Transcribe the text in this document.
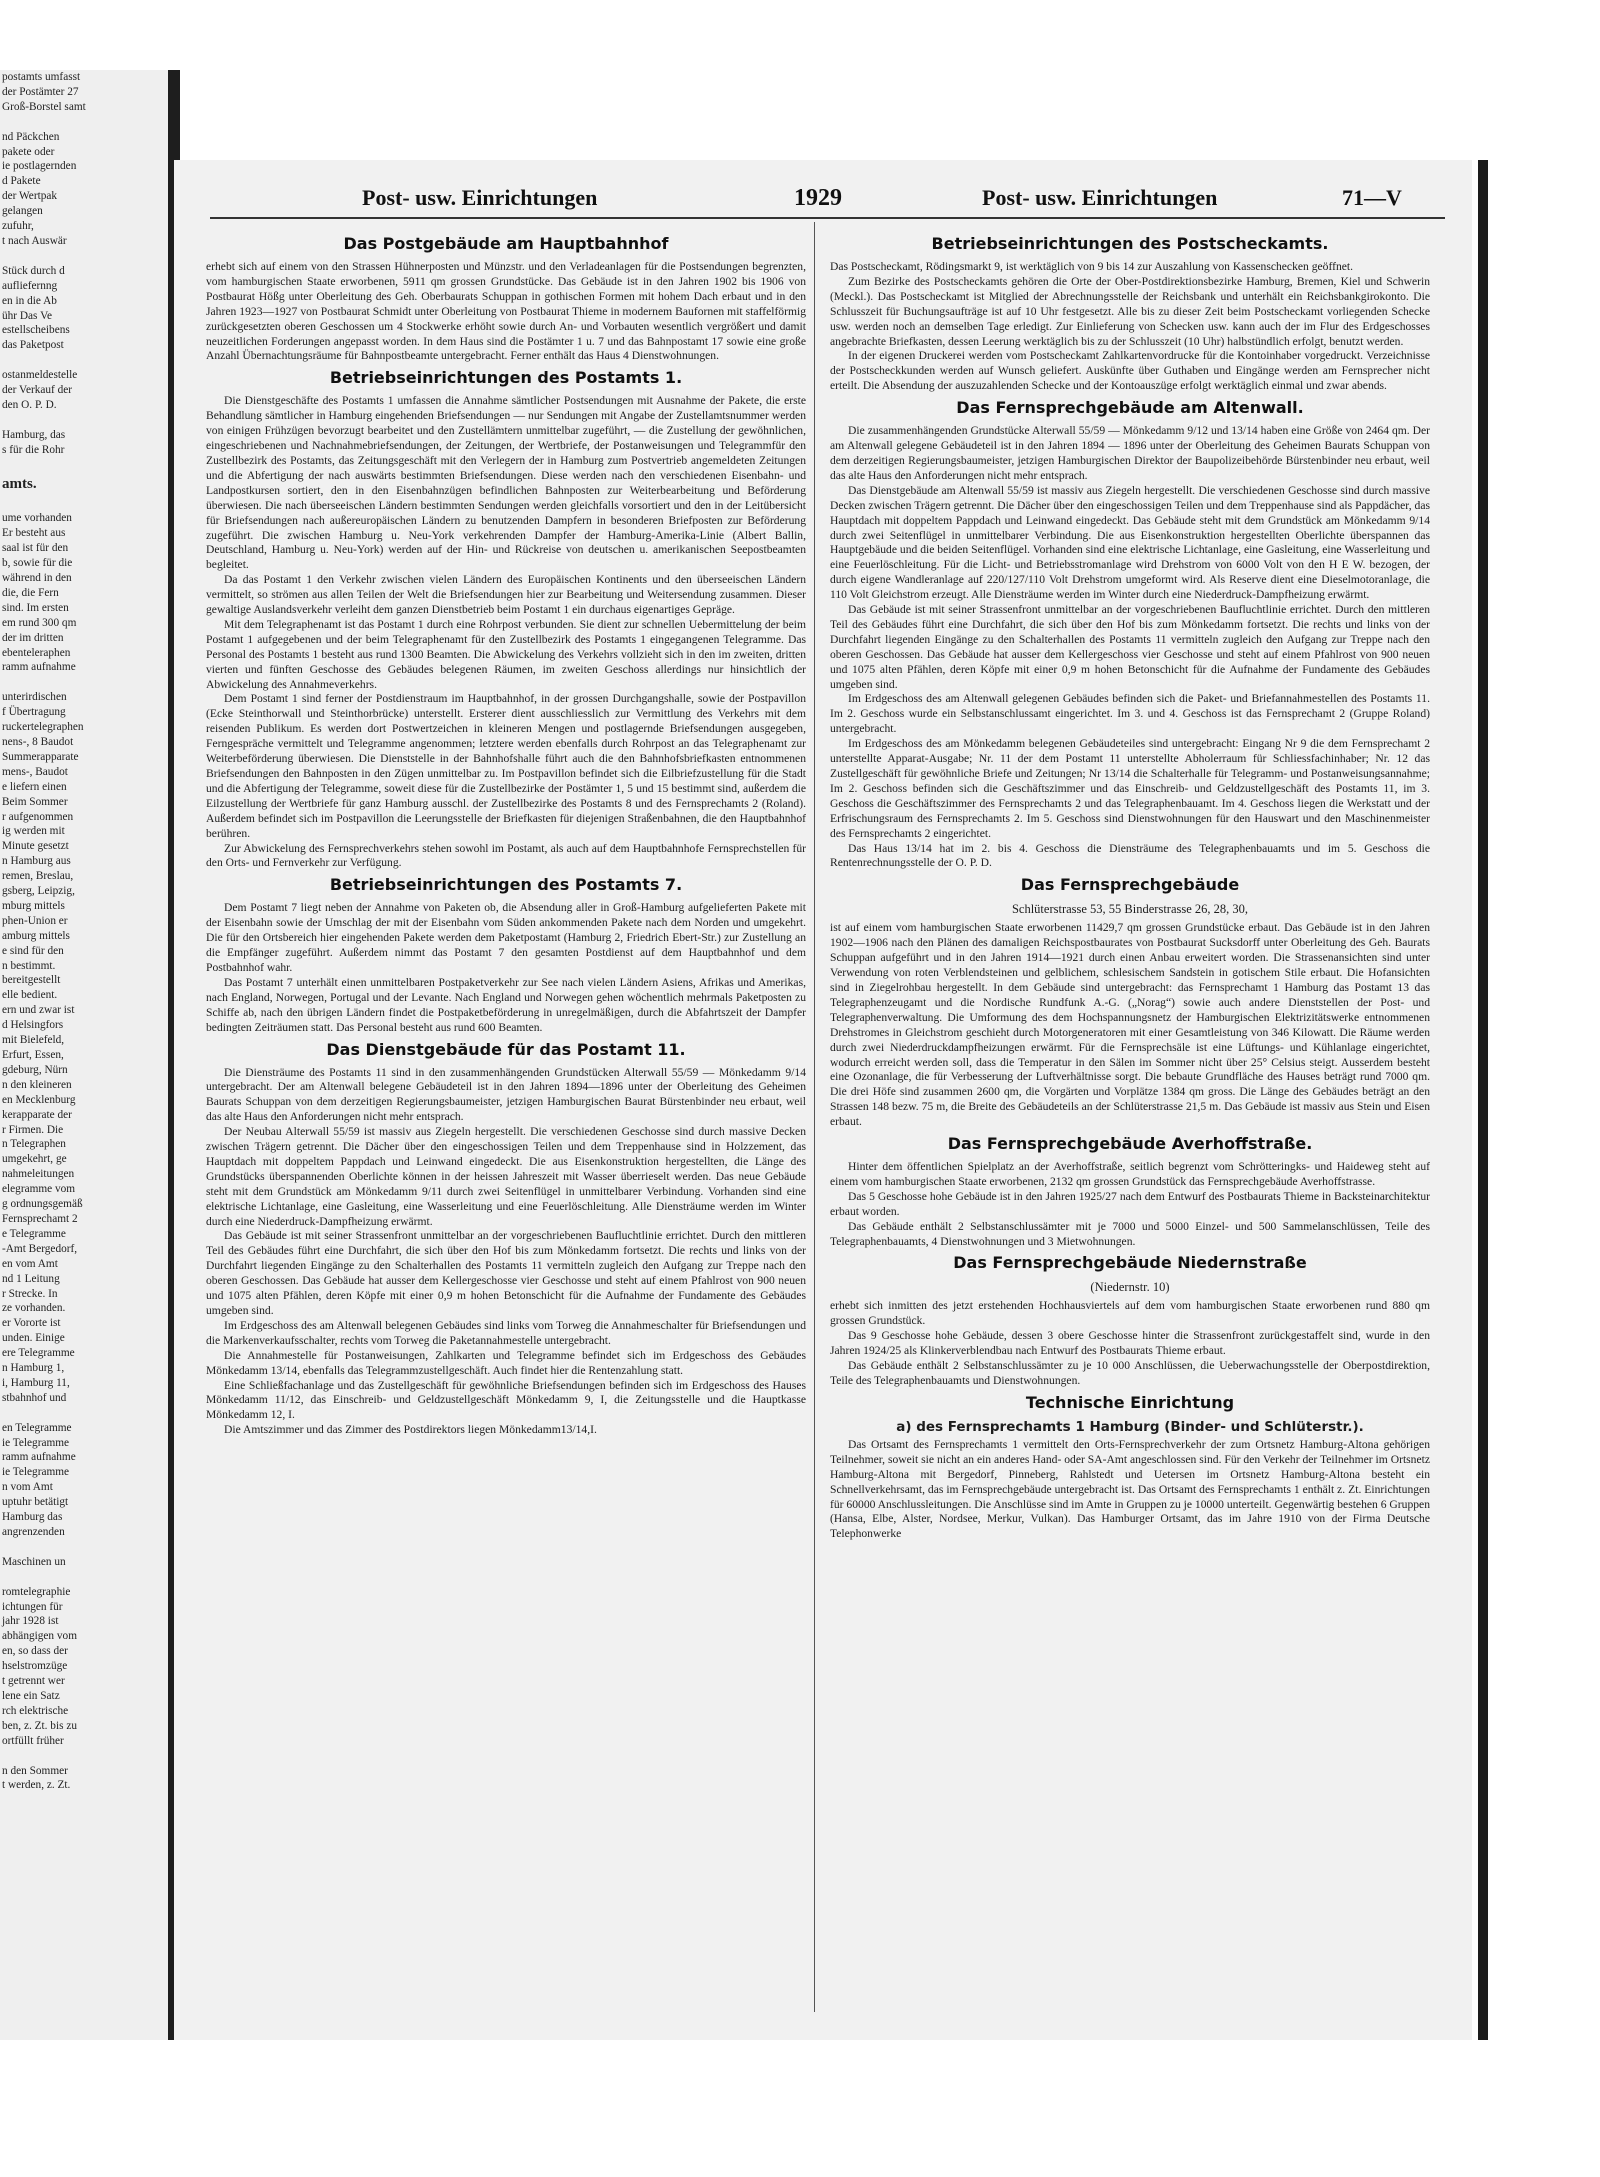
postamts umfasst
der Postämter 27
Groß-Borstel samt

nd Päckchen
pakete oder
ie postlagernden
d Pakete
der Wertpak
gelangen
zufuhr,
t nach Auswär

Stück durch d
aufliefernng
en in die Ab
ühr Das Ve
estellscheibens
das Paketpost

ostanmeldestelle
der Verkauf der
den O. P. D.

Hamburg, das
s für die Rohr

amts.

ume vorhanden
Er besteht aus
saal ist für den
b, sowie für die
während in den
die, die Fern
sind. Im ersten
em rund 300 qm
der im dritten
ebenteleraphen
ramm aufnahme

unterirdischen
f Übertragung
ruckertelegraphen
nens-, 8 Baudot
Summerapparate
mens-, Baudot
e liefern einen
Beim Sommer
r aufgenommen
ig werden mit
Minute gesetzt
n Hamburg aus
remen, Breslau,
gsberg, Leipzig,
mburg mittels
phen-Union er
amburg mittels
e sind für den
n bestimmt.
bereitgestellt
elle bedient.
ern und zwar ist
d Helsingfors
mit Bielefeld,
Erfurt, Essen,
gdeburg, Nürn
n den kleineren
en Mecklenburg
kerapparate der
r Firmen. Die
n Telegraphen
umgekehrt, ge
nahmeleitungen
elegramme vom
g ordnungsgemäß
Fernsprechamt 2
e Telegramme
-Amt Bergedorf,
en vom Amt
nd 1 Leitung
r Strecke. In
ze vorhanden.
er Vororte ist
unden. Einige
ere Telegramme
n Hamburg 1,
i, Hamburg 11,
stbahnhof und

en Telegramme
ie Telegramme
ramm aufnahme
ie Telegramme
n vom Amt
uptuhr betätigt
Hamburg das
angrenzenden

Maschinen un

romtelegraphie
ichtungen für
jahr 1928 ist
abhängigen vom
en, so dass der
hselstromzüge
t getrennt wer
lene ein Satz
rch elektrische
ben, z. Zt. bis zu
ortfüllt früher

n den Sommer
t werden, z. Zt.
Post- usw. Einrichtungen	1929	Post- usw. Einrichtungen	71—V
Das Postgebäude am Hauptbahnhof

erhebt sich auf einem von den Strassen Hühnerposten und Münzstr. und den Verladeanlagen für die Postsendungen begrenzten, vom hamburgischen Staate erworbenen, 5911 qm grossen Grundstücke. Das Gebäude ist in den Jahren 1902 bis 1906 von Postbaurat Hößg unter Oberleitung des Geh. Oberbaurats Schuppan in gothischen Formen mit hohem Dach erbaut und in den Jahren 1923—1927 von Postbaurat Schmidt unter Oberleitung von Postbaurat Thieme in modernem Baufornen mit staffelförmig zurückgesetzten oberen Geschossen um 4 Stockwerke erhöht sowie durch An- und Vorbauten wesentlich vergrößert und damit neuzeitlichen Forderungen angepasst worden. In dem Haus sind die Postämter 1 u. 7 und das Bahnpostamt 17 sowie eine große Anzahl Übernachtungsräume für Bahnpostbeamte untergebracht. Ferner enthält das Haus 4 Dienstwohnungen.

Betriebseinrichtungen des Postamts 1.

Die Dienstgeschäfte des Postamts 1 umfassen die Annahme sämtlicher Postsendungen mit Ausnahme der Pakete, die erste Behandlung sämtlicher in Hamburg eingehenden Briefsendungen — nur Sendungen mit Angabe der Zustellamtsnummer werden von einigen Frühzügen bevorzugt bearbeitet und den Zustellämtern unmittelbar zugeführt, — die Zustellung der gewöhnlichen, eingeschriebenen und Nachnahmebriefsendungen, der Zeitungen, der Wertbriefe, der Postanweisungen und Telegrammfür den Zustellbezirk des Postamts, das Zeitungsgeschäft mit den Verlegern der in Hamburg zum Postvertrieb angemeldeten Zeitungen und die Abfertigung der nach auswärts bestimmten Briefsendungen. Diese werden nach den verschiedenen Eisenbahn- und Landpostkursen sortiert, den in den Eisenbahnzügen befindlichen Bahnposten zur Weiterbearbeitung und Beförderung überwiesen. Die nach überseeischen Ländern bestimmten Sendungen werden gleichfalls vorsortiert und den in der Leitübersicht für Briefsendungen nach außereuropäischen Ländern zu benutzenden Dampfern in besonderen Briefposten zur Beförderung zugeführt. Die zwischen Hamburg u. Neu-York verkehrenden Dampfer der Hamburg-Amerika-Linie (Albert Ballin, Deutschland, Hamburg u. Neu-York) werden auf der Hin- und Rückreise von deutschen u. amerikanischen Seepostbeamten begleitet.

Da das Postamt 1 den Verkehr zwischen vielen Ländern des Europäischen Kontinents und den überseeischen Ländern vermittelt, so strömen aus allen Teilen der Welt die Briefsendungen hier zur Bearbeitung und Weitersendung zusammen. Dieser gewaltige Auslandsverkehr verleiht dem ganzen Dienstbetrieb beim Postamt 1 ein durchaus eigenartiges Gepräge.

Mit dem Telegraphenamt ist das Postamt 1 durch eine Rohrpost verbunden. Sie dient zur schnellen Uebermittelung der beim Postamt 1 aufgegebenen und der beim Telegraphenamt für den Zustellbezirk des Postamts 1 eingegangenen Telegramme. Das Personal des Postamts 1 besteht aus rund 1300 Beamten. Die Abwickelung des Verkehrs vollzieht sich in den im zweiten, dritten vierten und fünften Geschosse des Gebäudes belegenen Räumen, im zweiten Geschoss allerdings nur hinsichtlich der Abwickelung des Annahmeverkehrs.

Dem Postamt 1 sind ferner der Postdienstraum im Hauptbahnhof, in der grossen Durchgangshalle, sowie der Postpavillon (Ecke Steinthorwall und Steinthorbrücke) unterstellt. Ersterer dient ausschliesslich zur Vermittlung des Verkehrs mit dem reisenden Publikum. Es werden dort Postwertzeichen in kleineren Mengen und postlagernde Briefsendungen ausgegeben, Ferngespräche vermittelt und Telegramme angenommen; letztere werden ebenfalls durch Rohrpost an das Telegraphenamt zur Weiterbeförderung überwiesen. Die Dienststelle in der Bahnhofshalle führt auch die den Bahnhofsbriefkasten entnommenen Briefsendungen den Bahnposten in den Zügen unmittelbar zu. Im Postpavillon befindet sich die Eilbriefzustellung für die Stadt und die Abfertigung der Telegramme, soweit diese für die Zustellbezirke der Postämter 1, 5 und 15 bestimmt sind, außerdem die Eilzustellung der Wertbriefe für ganz Hamburg ausschl. der Zustellbezirke des Postamts 8 und des Fernsprechamts 2 (Roland). Außerdem befindet sich im Postpavillon die Leerungsstelle der Briefkasten für diejenigen Straßenbahnen, die den Hauptbahnhof berühren.

Zur Abwickelung des Fernsprechverkehrs stehen sowohl im Postamt, als auch auf dem Hauptbahnhofe Fernsprechstellen für den Orts- und Fernverkehr zur Verfügung.

Betriebseinrichtungen des Postamts 7.

Dem Postamt 7 liegt neben der Annahme von Paketen ob, die Absendung aller in Groß-Hamburg aufgelieferten Pakete mit der Eisenbahn sowie der Umschlag der mit der Eisenbahn vom Süden ankommenden Pakete nach dem Norden und umgekehrt. Die für den Ortsbereich hier eingehenden Pakete werden dem Paketpostamt (Hamburg 2, Friedrich Ebert-Str.) zur Zustellung an die Empfänger zugeführt. Außerdem nimmt das Postamt 7 den gesamten Postdienst auf dem Hauptbahnhof und dem Postbahnhof wahr.

Das Postamt 7 unterhält einen unmittelbaren Postpaketverkehr zur See nach vielen Ländern Asiens, Afrikas und Amerikas, nach England, Norwegen, Portugal und der Levante. Nach England und Norwegen gehen wöchentlich mehrmals Paketposten zu Schiffe ab, nach den übrigen Ländern findet die Postpaketbeförderung in unregelmäßigen, durch die Abfahrtszeit der Dampfer bedingten Zeiträumen statt. Das Personal besteht aus rund 600 Beamten.

Das Dienstgebäude für das Postamt 11.

Die Diensträume des Postamts 11 sind in den zusammenhängenden Grundstücken Alterwall 55/59 — Mönkedamm 9/14 untergebracht. Der am Altenwall belegene Gebäudeteil ist in den Jahren 1894—1896 unter der Oberleitung des Geheimen Baurats Schuppan von dem derzeitigen Regierungsbaumeister, jetzigen Hamburgischen Baurat Bürstenbinder neu erbaut, weil das alte Haus den Anforderungen nicht mehr entsprach.

Der Neubau Alterwall 55/59 ist massiv aus Ziegeln hergestellt. Die verschiedenen Geschosse sind durch massive Decken zwischen Trägern getrennt. Die Dächer über den eingeschossigen Teilen und dem Treppenhause sind in Holzzement, das Hauptdach mit doppeltem Pappdach und Leinwand eingedeckt. Die aus Eisenkonstruktion hergestellten, die Länge des Grundstücks überspannenden Oberlichte können in der heissen Jahreszeit mit Wasser überrieselt werden. Das neue Gebäude steht mit dem Grundstück am Mönkedamm 9/11 durch zwei Seitenflügel in unmittelbarer Verbindung. Vorhanden sind eine elektrische Lichtanlage, eine Gasleitung, eine Wasserleitung und eine Feuerlöschleitung. Alle Diensträume werden im Winter durch eine Niederdruck-Dampfheizung erwärmt.

Das Gebäude ist mit seiner Strassenfront unmittelbar an der vorgeschriebenen Baufluchtlinie errichtet. Durch den mittleren Teil des Gebäudes führt eine Durchfahrt, die sich über den Hof bis zum Mönkedamm fortsetzt. Die rechts und links von der Durchfahrt liegenden Eingänge zu den Schalterhallen des Postamts 11 vermitteln zugleich den Aufgang zur Treppe nach den oberen Geschossen. Das Gebäude hat ausser dem Kellergeschosse vier Geschosse und steht auf einem Pfahlrost von 900 neuen und 1075 alten Pfählen, deren Köpfe mit einer 0,9 m hohen Betonschicht für die Aufnahme der Fundamente des Gebäudes umgeben sind.

Im Erdgeschoss des am Altenwall belegenen Gebäudes sind links vom Torweg die Annahmeschalter für Briefsendungen und die Markenverkaufsschalter, rechts vom Torweg die Paketannahmestelle untergebracht.

Die Annahmestelle für Postanweisungen, Zahlkarten und Telegramme befindet sich im Erdgeschoss des Gebäudes Mönkedamm 13/14, ebenfalls das Telegrammzustellgeschäft. Auch findet hier die Rentenzahlung statt.

Eine Schließfachanlage und das Zustellgeschäft für gewöhnliche Briefsendungen befinden sich im Erdgeschoss des Hauses Mönkedamm 11/12, das Einschreib- und Geldzustellgeschäft Mönkedamm 9, I, die Zeitungsstelle und die Hauptkasse Mönkedamm 12, I.

Die Amtszimmer und das Zimmer des Postdirektors liegen Mönkedamm13/14,I.

Betriebseinrichtungen des Postscheckamts.

Das Postscheckamt, Rödingsmarkt 9, ist werktäglich von 9 bis 14 zur Auszahlung von Kassenschecken geöffnet.

Zum Bezirke des Postscheckamts gehören die Orte der Ober-Postdirektionsbezirke Hamburg, Bremen, Kiel und Schwerin (Meckl.). Das Postscheckamt ist Mitglied der Abrechnungsstelle der Reichsbank und unterhält ein Reichsbankgirokonto. Die Schlusszeit für Buchungsaufträge ist auf 10 Uhr festgesetzt. Alle bis zu dieser Zeit beim Postscheckamt vorliegenden Schecke usw. werden noch an demselben Tage erledigt. Zur Einlieferung von Schecken usw. kann auch der im Flur des Erdgeschosses angebrachte Briefkasten, dessen Leerung werktäglich bis zu der Schlusszeit (10 Uhr) halbstündlich erfolgt, benutzt werden.

In der eigenen Druckerei werden vom Postscheckamt Zahlkartenvordrucke für die Kontoinhaber vorgedruckt. Verzeichnisse der Postscheckkunden werden auf Wunsch geliefert. Auskünfte über Guthaben und Eingänge werden am Fernsprecher nicht erteilt. Die Absendung der auszuzahlenden Schecke und der Kontoauszüge erfolgt werktäglich einmal und zwar abends.

Das Fernsprechgebäude am Altenwall.

Die zusammenhängenden Grundstücke Alterwall 55/59 — Mönkedamm 9/12 und 13/14 haben eine Größe von 2464 qm. Der am Altenwall gelegene Gebäudeteil ist in den Jahren 1894 — 1896 unter der Oberleitung des Geheimen Baurats Schuppan von dem derzeitigen Regierungsbaumeister, jetzigen Hamburgischen Direktor der Baupolizeibehörde Bürstenbinder neu erbaut, weil das alte Haus den Anforderungen nicht mehr entsprach.

Das Dienstgebäude am Altenwall 55/59 ist massiv aus Ziegeln hergestellt. Die verschiedenen Geschosse sind durch massive Decken zwischen Trägern getrennt. Die Dächer über den eingeschossigen Teilen und dem Treppenhause sind als Pappdächer, das Hauptdach mit doppeltem Pappdach und Leinwand eingedeckt. Das Gebäude steht mit dem Grundstück am Mönkedamm 9/14 durch zwei Seitenflügel in unmittelbarer Verbindung. Die aus Eisenkonstruktion hergestellten Oberlichte überspannen das Hauptgebäude und die beiden Seitenflügel. Vorhanden sind eine elektrische Lichtanlage, eine Gasleitung, eine Wasserleitung und eine Feuerlöschleitung. Für die Licht- und Betriebsstromanlage wird Drehstrom von 6000 Volt von den H E W. bezogen, der durch eigene Wandleranlage auf 220/127/110 Volt Drehstrom umgeformt wird. Als Reserve dient eine Dieselmotoranlage, die 110 Volt Gleichstrom erzeugt. Alle Diensträume werden im Winter durch eine Niederdruck-Dampfheizung erwärmt.

Das Gebäude ist mit seiner Strassenfront unmittelbar an der vorgeschriebenen Baufluchtlinie errichtet. Durch den mittleren Teil des Gebäudes führt eine Durchfahrt, die sich über den Hof bis zum Mönkedamm fortsetzt. Die rechts und links von der Durchfahrt liegenden Eingänge zu den Schalterhallen des Postamts 11 vermitteln zugleich den Aufgang zur Treppe nach den oberen Geschossen. Das Gebäude hat ausser dem Kellergeschoss vier Geschosse und steht auf einem Pfahlrost von 900 neuen und 1075 alten Pfählen, deren Köpfe mit einer 0,9 m hohen Betonschicht für die Aufnahme der Fundamente des Gebäudes umgeben sind.

Im Erdgeschoss des am Altenwall gelegenen Gebäudes befinden sich die Paket- und Briefannahmestellen des Postamts 11. Im 2. Geschoss wurde ein Selbstanschlussamt eingerichtet. Im 3. und 4. Geschoss ist das Fernsprechamt 2 (Gruppe Roland) untergebracht.

Im Erdgeschoss des am Mönkedamm belegenen Gebäudeteiles sind untergebracht: Eingang Nr 9 die dem Fernsprechamt 2 unterstellte Apparat-Ausgabe; Nr. 11 der dem Postamt 11 unterstellte Abholerraum für Schliessfachinhaber; Nr. 12 das Zustellgeschäft für gewöhnliche Briefe und Zeitungen; Nr 13/14 die Schalterhalle für Telegramm- und Postanweisungsannahme; Im 2. Geschoss befinden sich die Geschäftszimmer und das Einschreib- und Geldzustellgeschäft des Postamts 11, im 3. Geschoss die Geschäftszimmer des Fernsprechamts 2 und das Telegraphenbauamt. Im 4. Geschoss liegen die Werkstatt und der Erfrischungsraum des Fernsprechamts 2. Im 5. Geschoss sind Dienstwohnungen für den Hauswart und den Maschinenmeister des Fernsprechamts 2 eingerichtet.

Das Haus 13/14 hat im 2. bis 4. Geschoss die Diensträume des Telegraphenbauamts und im 5. Geschoss die Rentenrechnungsstelle der O. P. D.

Das Fernsprechgebäude
Schlüterstrasse 53, 55 Binderstrasse 26, 28, 30,

ist auf einem vom hamburgischen Staate erworbenen 11429,7 qm grossen Grundstücke erbaut. Das Gebäude ist in den Jahren 1902—1906 nach den Plänen des damaligen Reichspostbaurates von Postbaurat Sucksdorff unter Oberleitung des Geh. Baurats Schuppan aufgeführt und in den Jahren 1914—1921 durch einen Anbau erweitert worden. Die Strassenansichten sind unter Verwendung von roten Verblendsteinen und gelblichem, schlesischem Sandstein in gotischem Stile erbaut. Die Hofansichten sind in Ziegelrohbau hergestellt. In dem Gebäude sind untergebracht: das Fernsprechamt 1 Hamburg das Postamt 13 das Telegraphenzeugamt und die Nordische Rundfunk A.-G. („Norag“) sowie auch andere Dienststellen der Post- und Telegraphenverwaltung. Die Umformung des dem Hochspannungsnetz der Hamburgischen Elektrizitätswerke entnommenen Drehstromes in Gleichstrom geschieht durch Motorgeneratoren mit einer Gesamtleistung von 346 Kilowatt. Die Räume werden durch zwei Niederdruckdampfheizungen erwärmt. Für die Fernsprechsäle ist eine Lüftungs- und Kühlanlage eingerichtet, wodurch erreicht werden soll, dass die Temperatur in den Sälen im Sommer nicht über 25° Celsius steigt. Ausserdem besteht eine Ozonanlage, die für Verbesserung der Luftverhältnisse sorgt. Die bebaute Grundfläche des Hauses beträgt rund 7000 qm. Die drei Höfe sind zusammen 2600 qm, die Vorgärten und Vorplätze 1384 qm gross. Die Länge des Gebäudes beträgt an den Strassen 148 bezw. 75 m, die Breite des Gebäudeteils an der Schlüterstrasse 21,5 m. Das Gebäude ist massiv aus Stein und Eisen erbaut.

Das Fernsprechgebäude Averhoffstraße.

Hinter dem öffentlichen Spielplatz an der Averhoffstraße, seitlich begrenzt vom Schrötteringks- und Haideweg steht auf einem vom hamburgischen Staate erworbenen, 2132 qm grossen Grundstück das Fernsprechgebäude Averhoffstrasse.

Das 5 Geschosse hohe Gebäude ist in den Jahren 1925/27 nach dem Entwurf des Postbaurats Thieme in Backsteinarchitektur erbaut worden.

Das Gebäude enthält 2 Selbstanschlussämter mit je 7000 und 5000 Einzel- und 500 Sammelanschlüssen, Teile des Telegraphenbauamts, 4 Dienstwohnungen und 3 Mietwohnungen.

Das Fernsprechgebäude Niedernstraße
(Niedernstr. 10)

erhebt sich inmitten des jetzt erstehenden Hochhausviertels auf dem vom hamburgischen Staate erworbenen rund 880 qm grossen Grundstück.

Das 9 Geschosse hohe Gebäude, dessen 3 obere Geschosse hinter die Strassenfront zurückgestaffelt sind, wurde in den Jahren 1924/25 als Klinkerverblendbau nach Entwurf des Postbaurats Thieme erbaut.

Das Gebäude enthält 2 Selbstanschlussämter zu je 10 000 Anschlüssen, die Ueberwachungsstelle der Oberpostdirektion, Teile des Telegraphenbauamts und Dienstwohnungen.

Technische Einrichtung
a) des Fernsprechamts 1 Hamburg (Binder- und Schlüterstr.).

Das Ortsamt des Fernsprechamts 1 vermittelt den Orts-Fernsprechverkehr der zum Ortsnetz Hamburg-Altona gehörigen Teilnehmer, soweit sie nicht an ein anderes Hand- oder SA-Amt angeschlossen sind. Für den Verkehr der Teilnehmer im Ortsnetz Hamburg-Altona mit Bergedorf, Pinneberg, Rahlstedt und Uetersen im Ortsnetz Hamburg-Altona besteht ein Schnellverkehrsamt, das im Fernsprechgebäude untergebracht ist. Das Ortsamt des Fernsprechamts 1 enthält z. Zt. Einrichtungen für 60000 Anschlussleitungen. Die Anschlüsse sind im Amte in Gruppen zu je 10000 unterteilt. Gegenwärtig bestehen 6 Gruppen (Hansa, Elbe, Alster, Nordsee, Merkur, Vulkan). Das Hamburger Ortsamt, das im Jahre 1910 von der Firma Deutsche Telephonwerke
